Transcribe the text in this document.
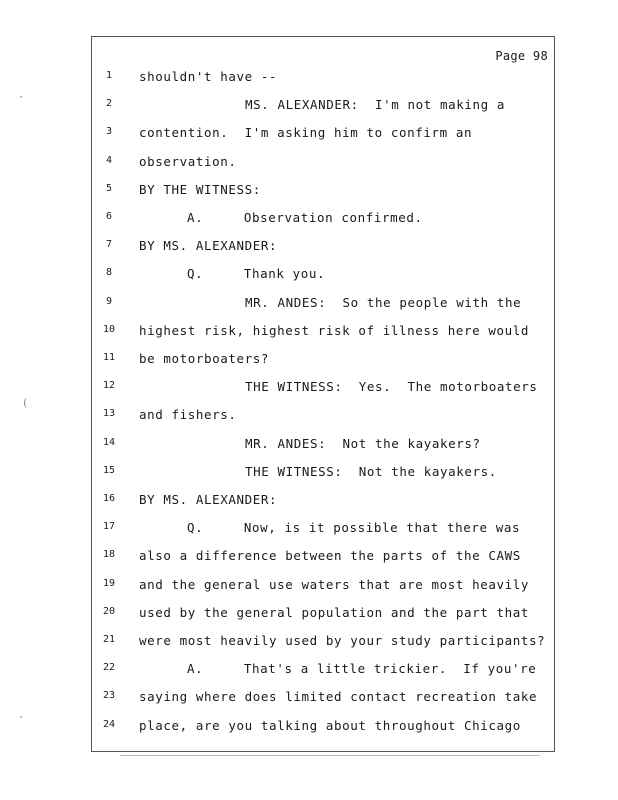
Page 98
1	shouldn't have --
2	MS. ALEXANDER:  I'm not making a
3	contention.  I'm asking him to confirm an
4	observation.
5	BY THE WITNESS:
6	A.     Observation confirmed.
7	BY MS. ALEXANDER:
8	Q.     Thank you.
9	MR. ANDES:  So the people with the
10	highest risk, highest risk of illness here would
11	be motorboaters?
12	THE WITNESS:  Yes.  The motorboaters
13	and fishers.
14	MR. ANDES:  Not the kayakers?
15	THE WITNESS:  Not the kayakers.
16	BY MS. ALEXANDER:
17	Q.     Now, is it possible that there was
18	also a difference between the parts of the CAWS
19	and the general use waters that are most heavily
20	used by the general population and the part that
21	were most heavily used by your study participants?
22	A.     That's a little trickier.  If you're
23	saying where does limited contact recreation take
24	place, are you talking about throughout Chicago
·
(
·
